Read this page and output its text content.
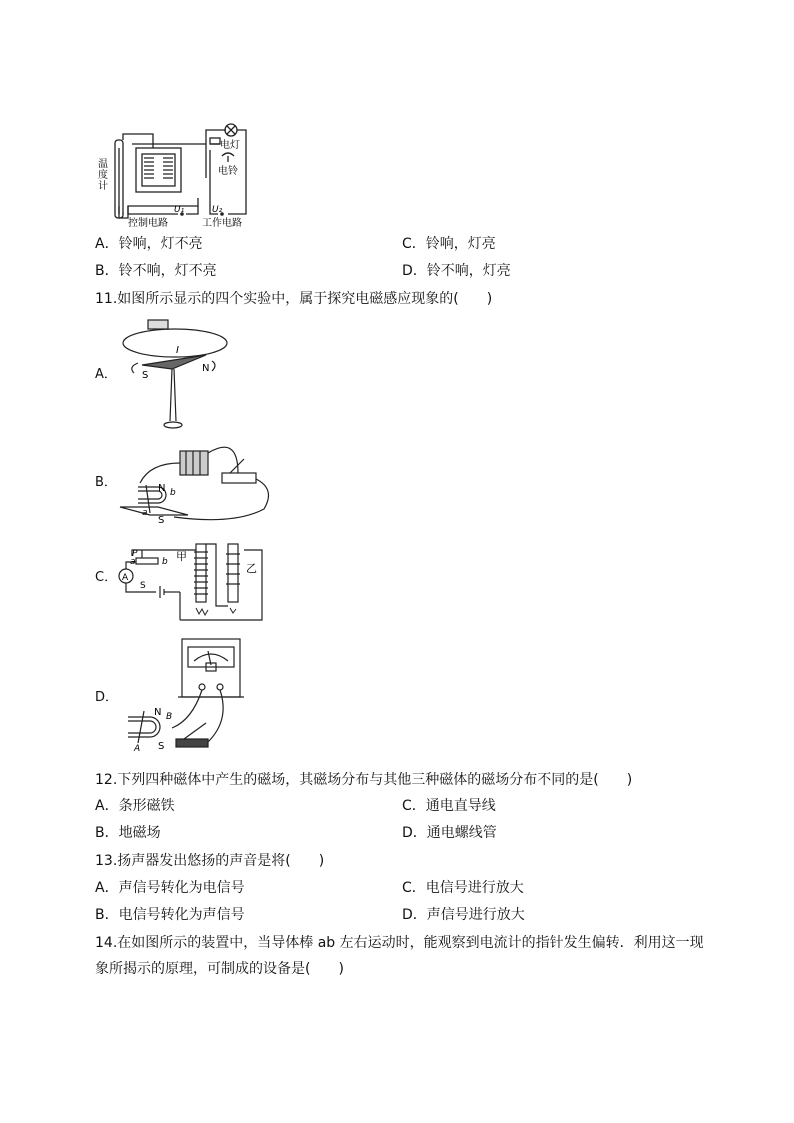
温度计
电灯
电铃
U₁	U₂
控制电路	工作电路
A．铃响，灯不亮	C．铃响，灯亮
B．铃不响，灯不亮	D．铃不响，灯亮
11.如图所示显示的四个实验中，属于探究电磁感应现象的(　　)
A．	S
N
I
B．	N b
a
S
C．
P
a	b
A
S
甲
乙
D．
N B
A S
12.下列四种磁体中产生的磁场，其磁场分布与其他三种磁体的磁场分布不同的是(　　)
A．条形磁铁	C．通电直导线
B．地磁场	D．通电螺线管
13.扬声器发出悠扬的声音是将(　　)
A．声信号转化为电信号	C．电信号进行放大
B．电信号转化为声信号	D．声信号进行放大
14.在如图所示的装置中，当导体棒 ab 左右运动时，能观察到电流计的指针发生偏转．利用这一现
象所揭示的原理，可制成的设备是(　　)
